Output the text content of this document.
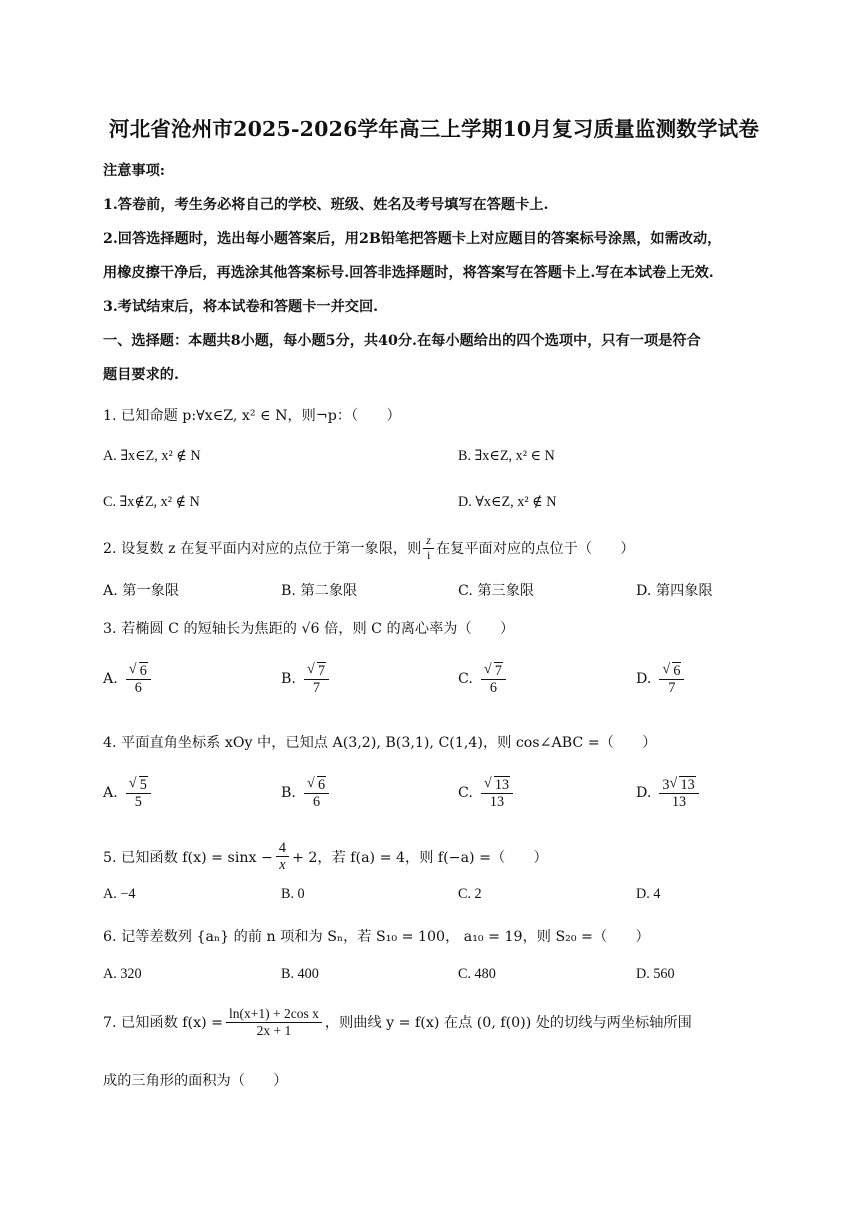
河北省沧州市2025-2026学年高三上学期10月复习质量监测数学试卷
注意事项:
1.答卷前，考生务必将自己的学校、班级、姓名及考号填写在答题卡上.
2.回答选择题时，选出每小题答案后，用2B铅笔把答题卡上对应题目的答案标号涂黑，如需改动，
用橡皮擦干净后，再选涂其他答案标号.回答非选择题时，将答案写在答题卡上.写在本试卷上无效.
3.考试结束后，将本试卷和答题卡一并交回.
一、选择题：本题共8小题，每小题5分，共40分.在每小题给出的四个选项中，只有一项是符合
题目要求的.
1. 已知命题 p:∀x∈Z, x² ∈ N，则¬p：（　　）
A. ∃x∈Z, x² ∉ N	B. ∃x∈Z, x² ∈ N
C. ∃x∉Z, x² ∉ N	D. ∀x∈Z, x² ∉ N
2. 设复数 z 在复平面内对应的点位于第一象限，则 $\frac{z}{i}$ 在复平面对应的点位于（　　）
A. 第一象限	B. 第二象限	C. 第三象限	D. 第四象限
3. 若椭圆 C 的短轴长为焦距的 √6 倍，则 C 的离心率为（　　）
A. √ $\frac{6}{6}$	B. √ $\frac{7}{7}$	C. √ $\frac{7}{6}$	D. √ $\frac{6}{7}$
4. 平面直角坐标系 xOy 中，已知点 A(3,2), B(3,1), C(1,4)，则 cos∠ABC =（　　）
A. √ $\frac{5}{5}$	B. √ $\frac{6}{6}$	C. √ $\frac{13}{13}$	D. $\frac{3 √ 13}{13}$
5. 已知函数 $f(x) = \sin x - \frac{4}{x} + 2$，若 f(a) = 4，则 f(−a) =（　　）
A. −4	B. 0	C. 2	D. 4
6. 记等差数列 {aₙ} 的前 n 项和为 Sₙ，若 S₁₀ = 100， a₁₀ = 19，则 S₂₀ =（　　）
A. 320	B. 400	C. 480	D. 560
7. 已知函数 $f(x) = \frac{\text{ln(x+1) + 2cos x}}{2x + 1}$ ，则曲线 y = f(x) 在点 (0, f(0)) 处的切线与两坐标轴所围
成的三角形的面积为（　　）
